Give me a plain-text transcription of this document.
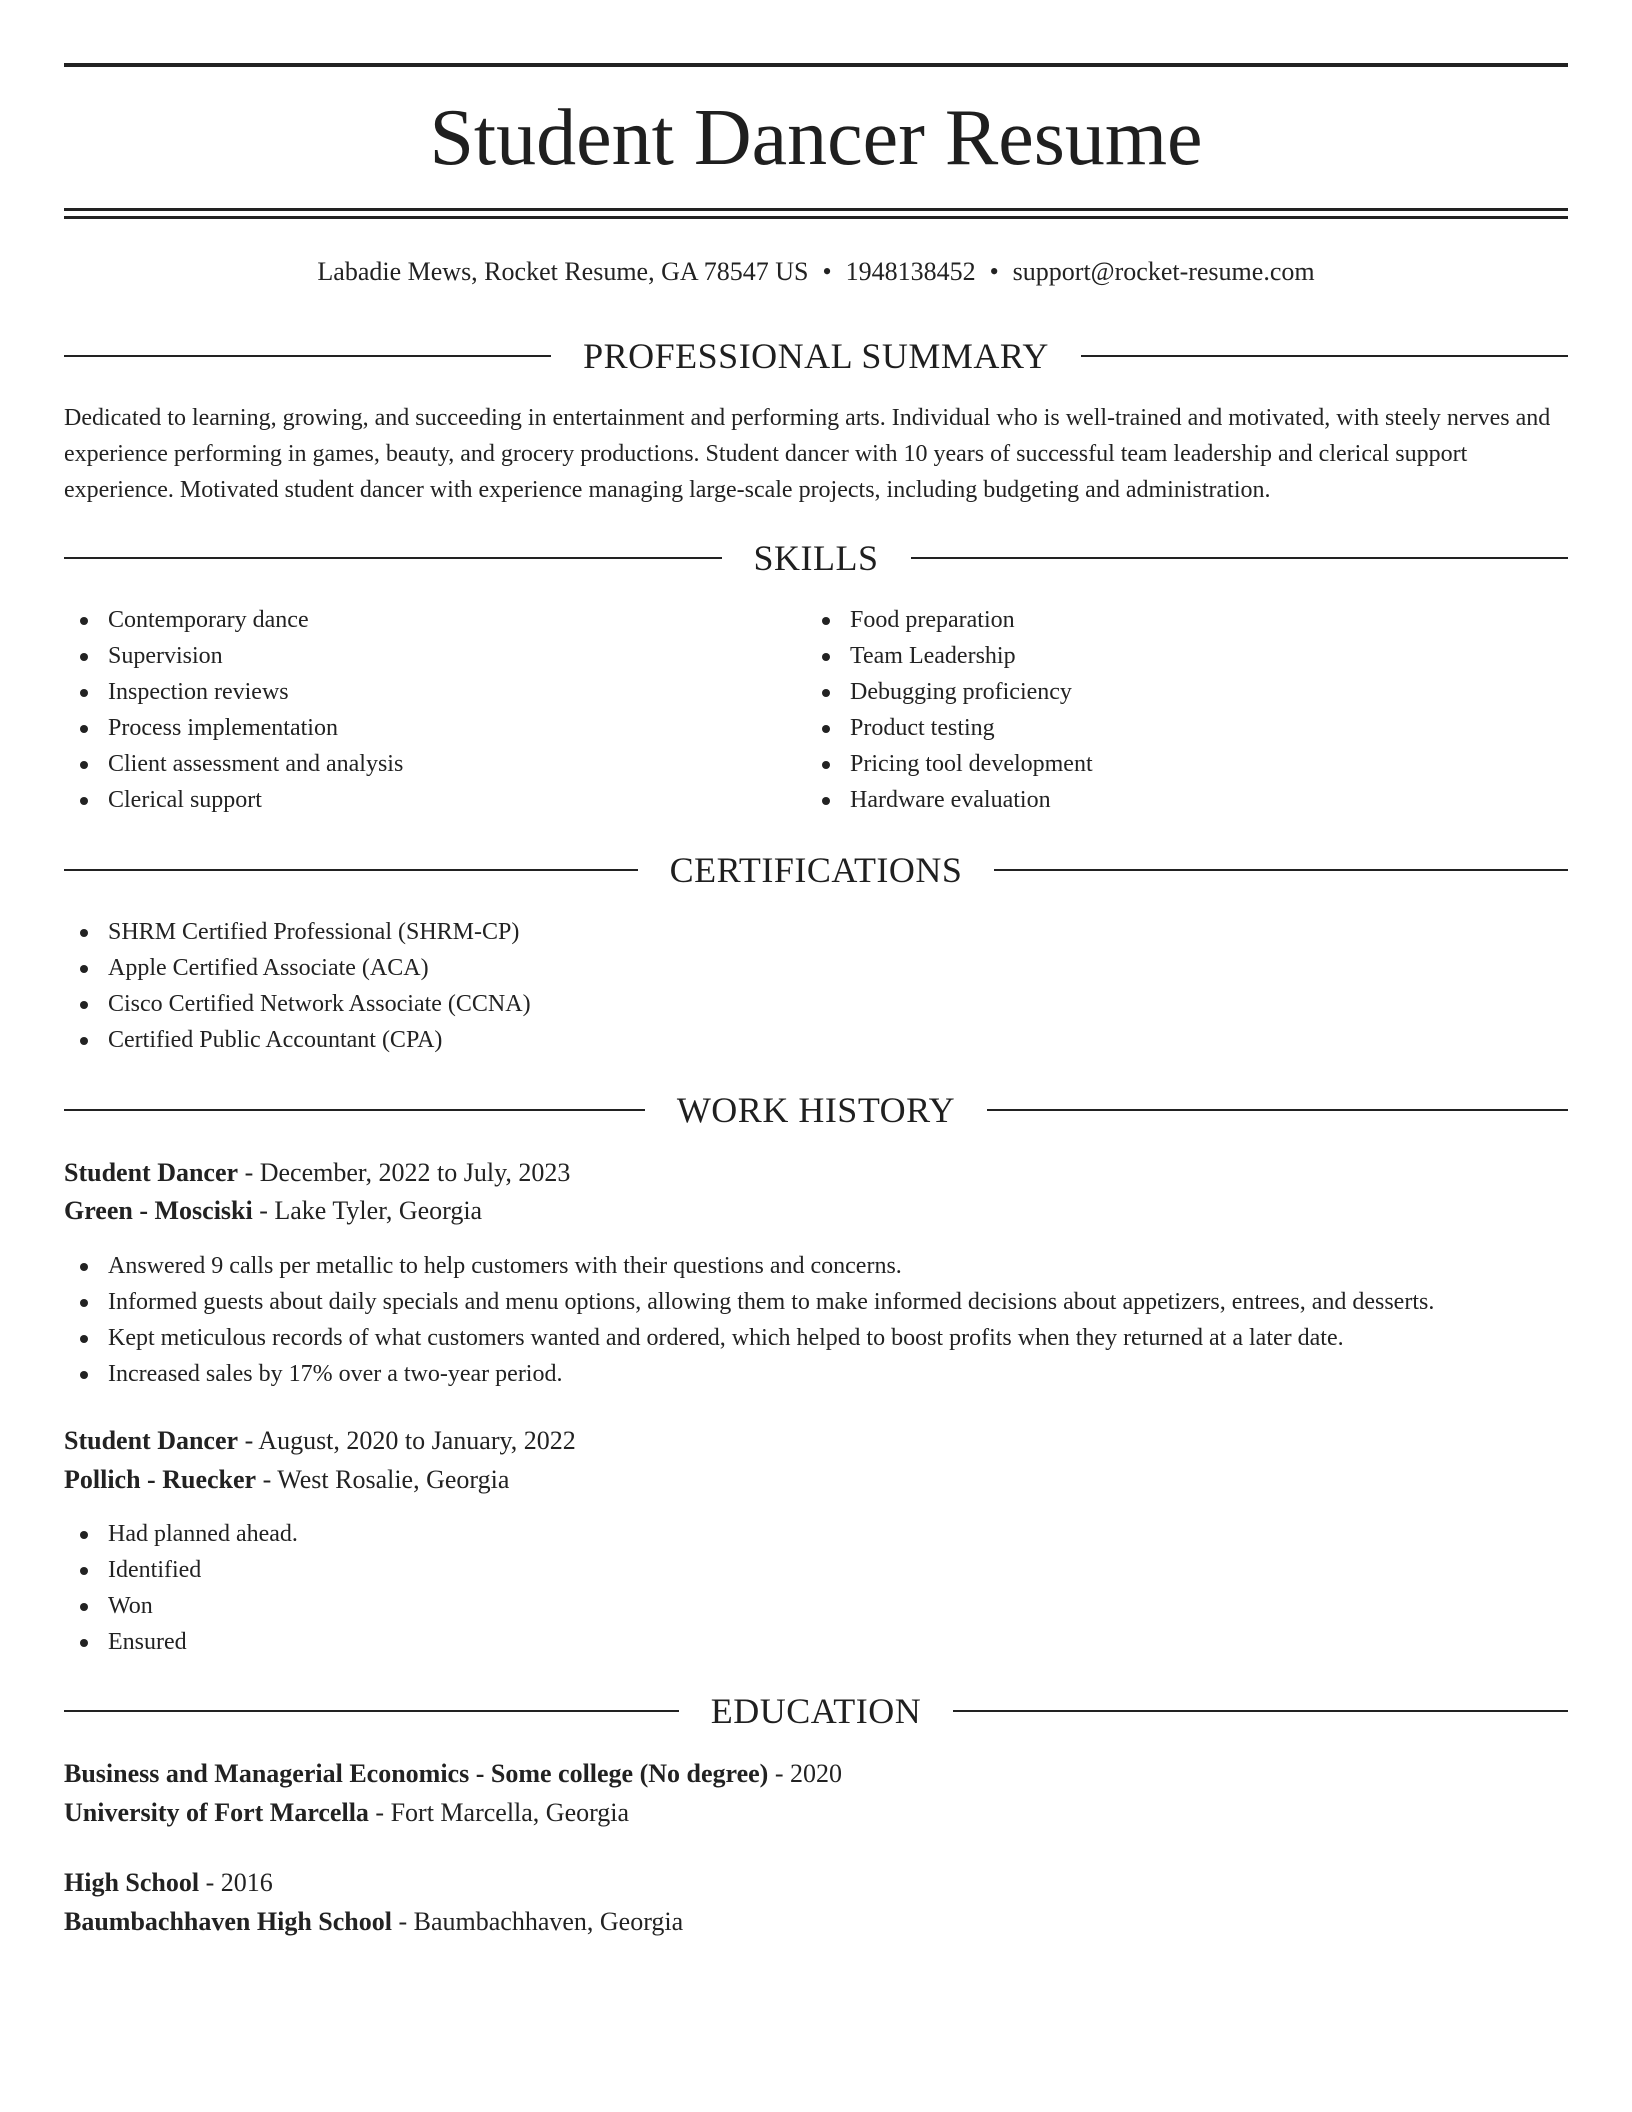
Student Dancer Resume
Labadie Mews, Rocket Resume, GA 78547 US • 1948138452 • support@rocket-resume.com
PROFESSIONAL SUMMARY

Dedicated to learning, growing, and succeeding in entertainment and performing arts. Individual who is well-trained and motivated, with steely nerves and experience performing in games, beauty, and grocery productions. Student dancer with 10 years of successful team leadership and clerical support experience. Motivated student dancer with experience managing large-scale projects, including budgeting and administration.

SKILLS
Contemporary dance
Supervision
Inspection reviews
Process implementation
Client assessment and analysis
Clerical support
Food preparation
Team Leadership
Debugging proficiency
Product testing
Pricing tool development
Hardware evaluation
CERTIFICATIONS
SHRM Certified Professional (SHRM-CP)
Apple Certified Associate (ACA)
Cisco Certified Network Associate (CCNA)
Certified Public Accountant (CPA)
WORK HISTORY
Student Dancer - December, 2022 to July, 2023
Green - Mosciski - Lake Tyler, Georgia
Answered 9 calls per metallic to help customers with their questions and concerns.
Informed guests about daily specials and menu options, allowing them to make informed decisions about appetizers, entrees, and desserts.
Kept meticulous records of what customers wanted and ordered, which helped to boost profits when they returned at a later date.
Increased sales by 17% over a two-year period.
Student Dancer - August, 2020 to January, 2022
Pollich - Ruecker - West Rosalie, Georgia
Had planned ahead.
Identified
Won
Ensured
EDUCATION
Business and Managerial Economics - Some college (No degree) - 2020
University of Fort Marcella - Fort Marcella, Georgia
High School - 2016
Baumbachhaven High School - Baumbachhaven, Georgia
